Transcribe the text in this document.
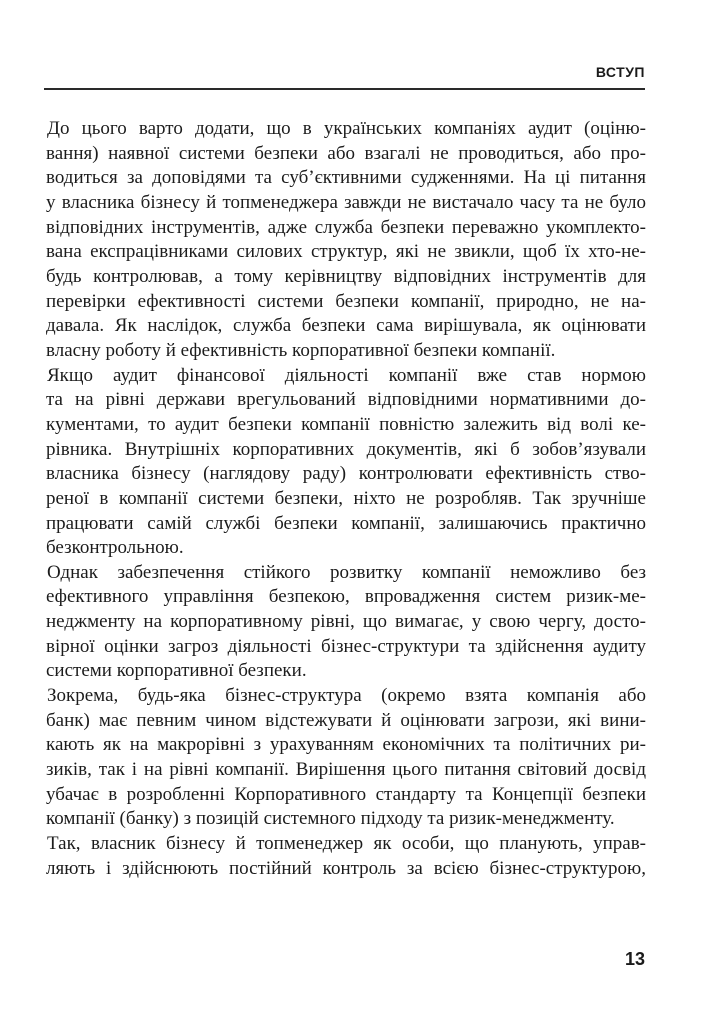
ВСТУП

До цього варто додати, що в українських компаніях аудит (оціню-
вання) наявної системи безпеки або взагалі не проводиться, або про-
водиться за доповідями та суб’єктивними судженнями. На ці питання
у власника бізнесу й топменеджера завжди не вистачало часу та не було
відповідних інструментів, адже служба безпеки переважно укомплекто-
вана експрацівниками силових структур, які не звикли, щоб їх хто-не-
будь контролював, а тому керівництву відповідних інструментів для
перевірки ефективності системи безпеки компанії, природно, не на-
давала. Як наслідок, служба безпеки сама вирішувала, як оцінювати
власну роботу й ефективність корпоративної безпеки компанії.

Якщо аудит фінансової діяльності компанії вже став нормою
та на рівні держави врегульований відповідними нормативними до-
кументами, то аудит безпеки компанії повністю залежить від волі ке-
рівника. Внутрішніх корпоративних документів, які б зобов’язували
власника бізнесу (наглядову раду) контролювати ефективність ство-
реної в компанії системи безпеки, ніхто не розробляв. Так зручніше
працювати самій службі безпеки компанії, залишаючись практично
безконтрольною.

Однак забезпечення стійкого розвитку компанії неможливо без
ефективного управління безпекою, впровадження систем ризик-ме-
неджменту на корпоративному рівні, що вимагає, у свою чергу, досто-
вірної оцінки загроз діяльності бізнес-структури та здійснення аудиту
системи корпоративної безпеки.

Зокрема, будь-яка бізнес-структура (окремо взята компанія або
банк) має певним чином відстежувати й оцінювати загрози, які вини-
кають як на макрорівні з урахуванням економічних та політичних ри-
зиків, так і на рівні компанії. Вирішення цього питання світовий досвід
убачає в розробленні Корпоративного стандарту та Концепції безпеки
компанії (банку) з позицій системного підходу та ризик-менеджменту.

Так, власник бізнесу й топменеджер як особи, що планують, управ-
ляють і здійснюють постійний контроль за всією бізнес-структурою,

13
